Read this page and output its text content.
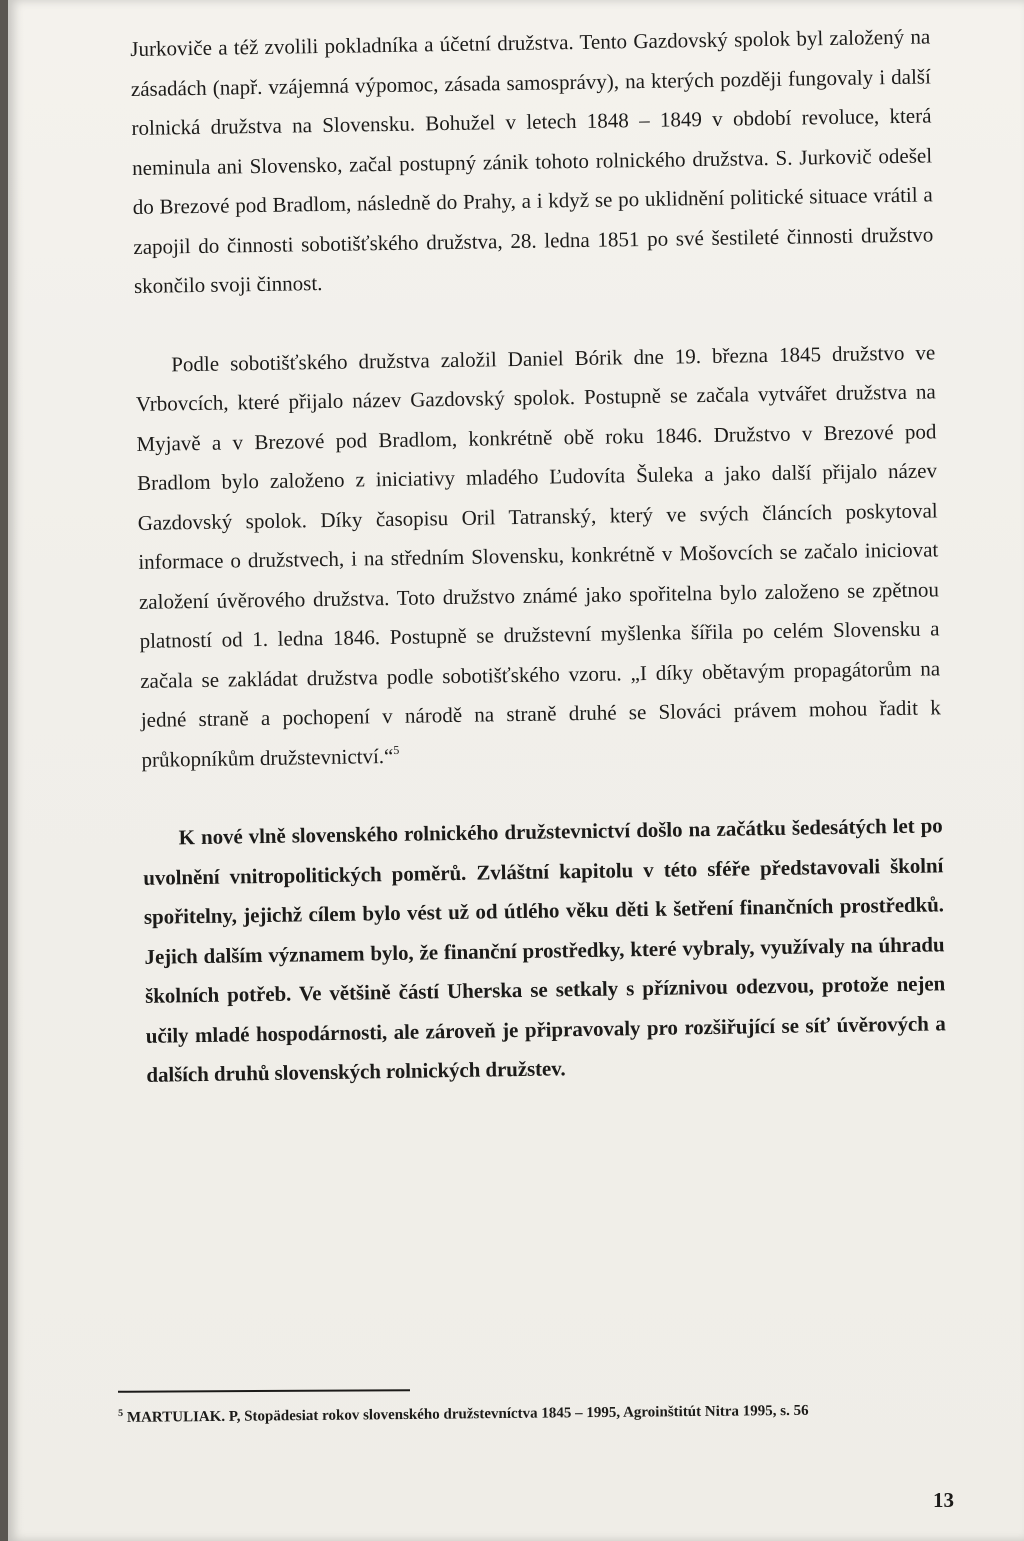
Jurkoviče a též zvolili pokladníka a účetní družstva. Tento Gazdovský spolok byl založený na zásadách (např. vzájemná výpomoc, zásada samosprávy), na kterých později fungovaly i další rolnická družstva na Slovensku. Bohužel v letech 1848 – 1849 v období revoluce, která neminula ani Slovensko, začal postupný zánik tohoto rolnického družstva. S. Jurkovič odešel do Brezové pod Bradlom, následně do Prahy, a i když se po uklidnění politické situace vrátil a zapojil do činnosti sobotišťského družstva, 28. ledna 1851 po své šestileté činnosti družstvo skončilo svoji činnost.

Podle sobotišťského družstva založil Daniel Bórik dne 19. března 1845 družstvo ve Vrbovcích, které přijalo název Gazdovský spolok. Postupně se začala vytvářet družstva na Myjavě a v Brezové pod Bradlom, konkrétně obě roku 1846. Družstvo v Brezové pod Bradlom bylo založeno z iniciativy mladého Ľudovíta Šuleka a jako další přijalo název Gazdovský spolok. Díky časopisu Oril Tatranský, který ve svých článcích poskytoval informace o družstvech, i na středním Slovensku, konkrétně v Mošovcích se začalo iniciovat založení úvěrového družstva. Toto družstvo známé jako spořitelna bylo založeno se zpětnou platností od 1. ledna 1846. Postupně se družstevní myšlenka šířila po celém Slovensku a začala se zakládat družstva podle sobotišťského vzoru. „I díky obětavým propagátorům na jedné straně a pochopení v národě na straně druhé se Slováci právem mohou řadit k průkopníkům družstevnictví.“$^5$

K nové vlně slovenského rolnického družstevnictví došlo na začátku šedesátých let po uvolnění vnitropolitických poměrů. Zvláštní kapitolu v této sféře představovali školní spořitelny, jejichž cílem bylo vést už od útlého věku děti k šetření finančních prostředků. Jejich dalším významem bylo, že finanční prostředky, které vybraly, využívaly na úhradu školních potřeb. Ve většině částí Uherska se setkaly s příznivou odezvou, protože nejen učily mladé hospodárnosti, ale zároveň je připravovaly pro rozšiřující se síť úvěrových a dalších druhů slovenských rolnických družstev.

$^5$ MARTULIAK. P, Stopädesiat rokov slovenského družstevníctva 1845 – 1995, Agroinštitút Nitra 1995, s. 56
13
